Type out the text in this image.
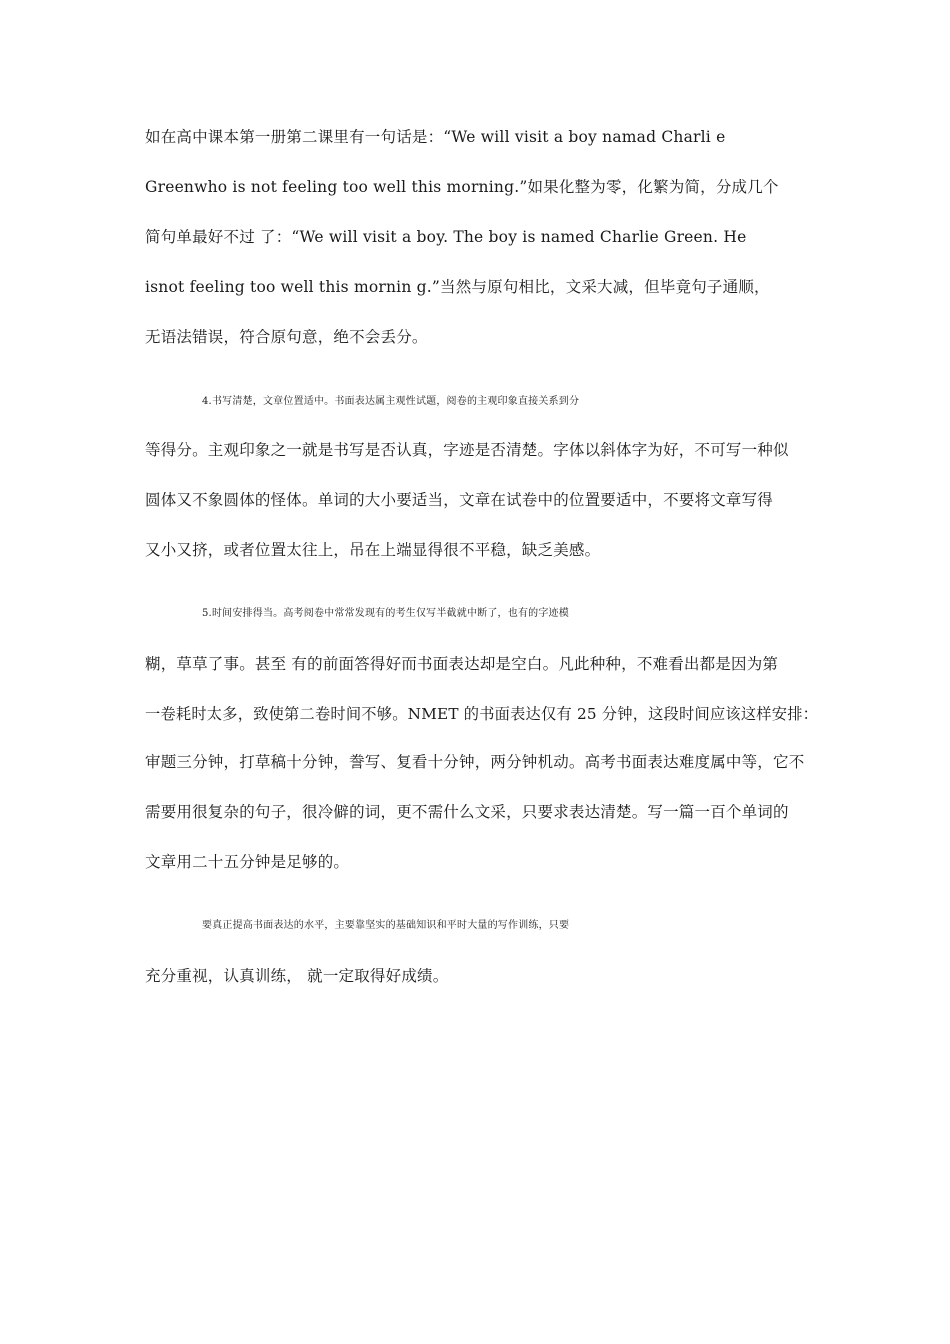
如在高中课本第一册第二课里有一句话是：“We will visit a boy namad Charli e
Greenwho is not feeling too well this morning.”如果化整为零，化繁为简，分成几个
简句单最好不过 了：“We will visit a boy. The boy is named Charlie Green. He
isnot feeling too well this mornin g.”当然与原句相比，文采大减，但毕竟句子通顺，
无语法错误，符合原句意，绝不会丢分。
4.书写清楚，文章位置适中。书面表达属主观性试题，阅卷的主观印象直接关系到分
等得分。主观印象之一就是书写是否认真，字迹是否清楚。字体以斜体字为好，不可写一种似
圆体又不象圆体的怪体。单词的大小要适当，文章在试卷中的位置要适中，不要将文章写得
又小又挤，或者位置太往上，吊在上端显得很不平稳，缺乏美感。
5.时间安排得当。高考阅卷中常常发现有的考生仅写半截就中断了，也有的字迹模
糊，草草了事。甚至 有的前面答得好而书面表达却是空白。凡此种种，不难看出都是因为第
一卷耗时太多，致使第二卷时间不够。NMET 的书面表达仅有 25 分钟，这段时间应该这样安排：
审题三分钟，打草稿十分钟，誊写、复看十分钟，两分钟机动。高考书面表达难度属中等，它不
需要用很复杂的句子，很冷僻的词，更不需什么文采，只要求表达清楚。写一篇一百个单词的
文章用二十五分钟是足够的。
要真正提高书面表达的水平，主要靠坚实的基础知识和平时大量的写作训练，只要
充分重视，认真训练， 就一定取得好成绩。
